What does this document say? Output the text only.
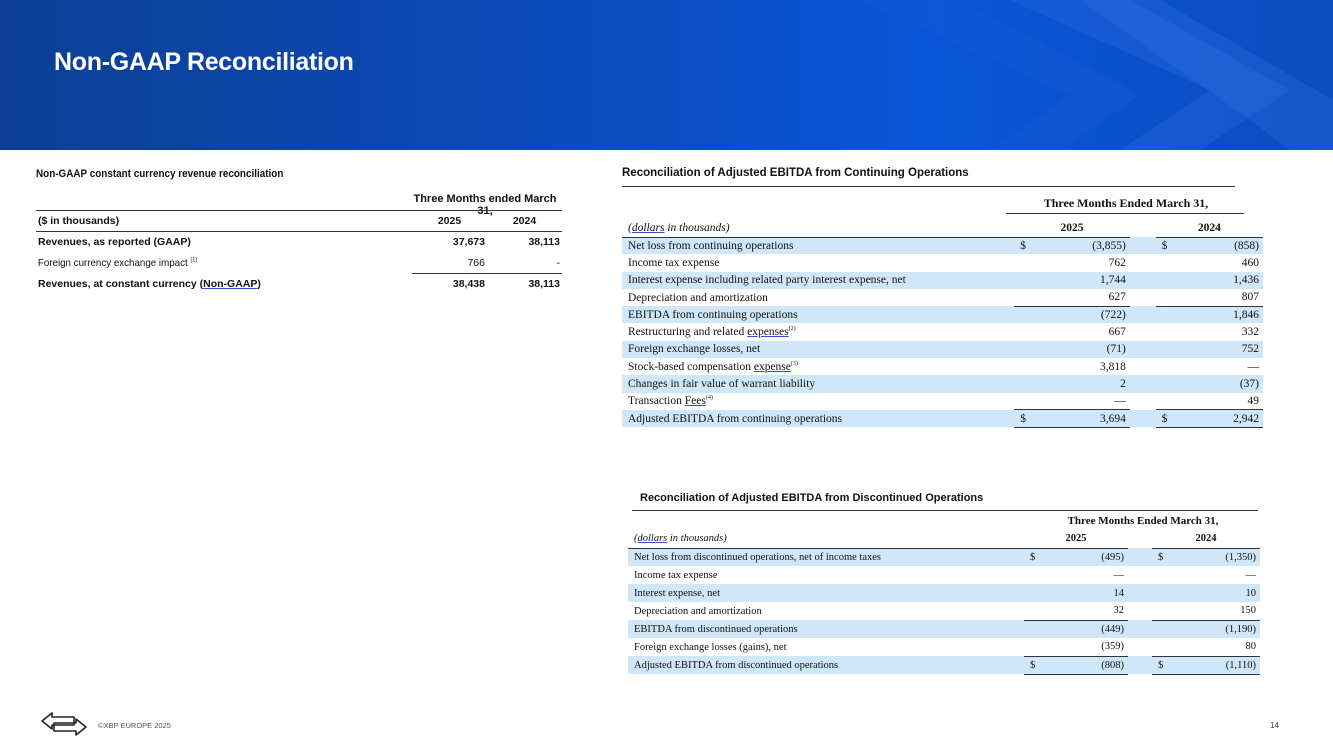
Non-GAAP Reconciliation
Non-GAAP constant currency revenue reconciliation
Three Months ended March 31,
($ in thousands)	2025	2024
Revenues, as reported (GAAP)	37,673	38,113
Foreign currency exchange impact $^{(1)}$	766	-
Revenues, at constant currency (Non-GAAP)	38,438	38,113
Reconciliation of Adjusted EBITDA from Continuing Operations
Three Months Ended March 31,
(dollars in thousands)	2025			2024	
Net loss from continuing operations	$	(3,855)		$	(858)
Income tax expense		762			460
Interest expense including related party interest expense, net		1,744			1,436
Depreciation and amortization		627			807
EBITDA from continuing operations		(722)			1,846
Restructuring and related expenses$^{(2)}$		667			332
Foreign exchange losses, net		(71)			752
Stock-based compensation expense$^{(3)}$		3,818			—
Changes in fair value of warrant liability		2			(37)
Transaction Fees$^{(4)}$		—			49
Adjusted EBITDA from continuing operations	$	3,694		$	2,942
Reconciliation of Adjusted EBITDA from Discontinued Operations
Three Months Ended March 31,
(dollars in thousands)	2025			2024	
Net loss from discontinued operations, net of income taxes	$	(495)		$	(1,350)
Income tax expense		—			—
Interest expense, net		14			10
Depreciation and amortization		32			150
EBITDA from discontinued operations		(449)			(1,190)
Foreign exchange losses (gains), net		(359)			80
Adjusted EBITDA from discontinued operations	$	(808)		$	(1,110)
©XBP EUROPE 2025	14
